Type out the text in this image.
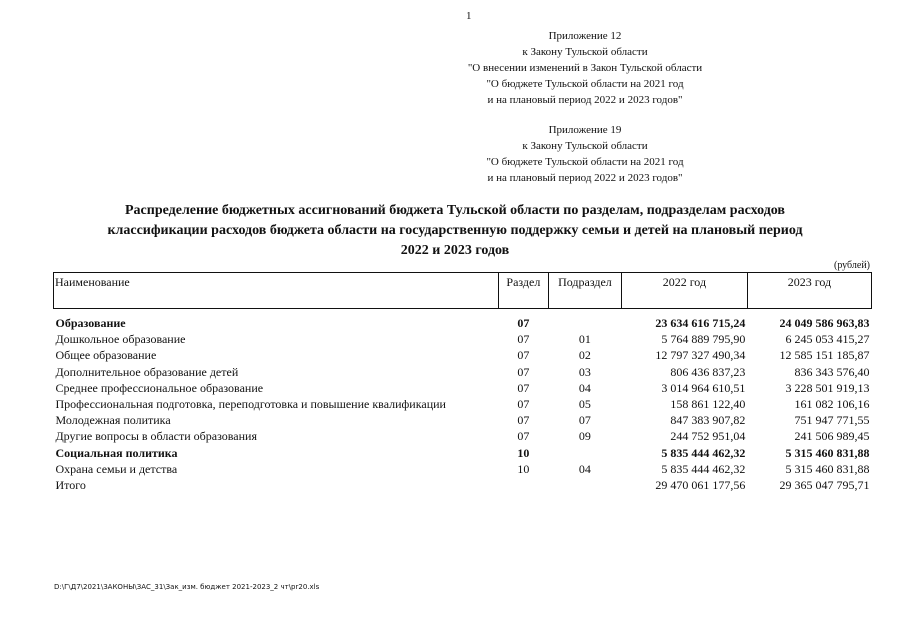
1
Приложение 12
к Закону Тульской области
"О внесении изменений в Закон Тульской области
"О бюджете Тульской области на 2021 год
и на плановый период 2022 и 2023 годов"
Приложение 19
к Закону Тульской области
"О бюджете Тульской области на 2021 год
и на плановый период 2022 и 2023 годов"
Распределение бюджетных ассигнований бюджета Тульской области по разделам, подразделам расходов
классификации расходов бюджета области на государственную поддержку семьи и детей на плановый период
2022 и 2023 годов
(рублей)
Наименование	Раздел	Подраздел	2022 год	2023 год

Образование	07		23 634 616 715,24	24 049 586 963,83
Дошкольное образование	07	01	5 764 889 795,90	6 245 053 415,27
Общее образование	07	02	12 797 327 490,34	12 585 151 185,87
Дополнительное образование детей	07	03	806 436 837,23	836 343 576,40
Среднее профессиональное образование	07	04	3 014 964 610,51	3 228 501 919,13
Профессиональная подготовка, переподготовка и повышение квалификации	07	05	158 861 122,40	161 082 106,16
Молодежная политика	07	07	847 383 907,82	751 947 771,55
Другие вопросы в области образования	07	09	244 752 951,04	241 506 989,45
Социальная политика	10		5 835 444 462,32	5 315 460 831,88
Охрана семьи и детства	10	04	5 835 444 462,32	5 315 460 831,88
Итого			29 470 061 177,56	29 365 047 795,71
D:\Г\Д7\2021\ЗАКОНЫ\ЗАС_31\Зак_изм. бюджет 2021-2023_2 чт\pr20.xls
